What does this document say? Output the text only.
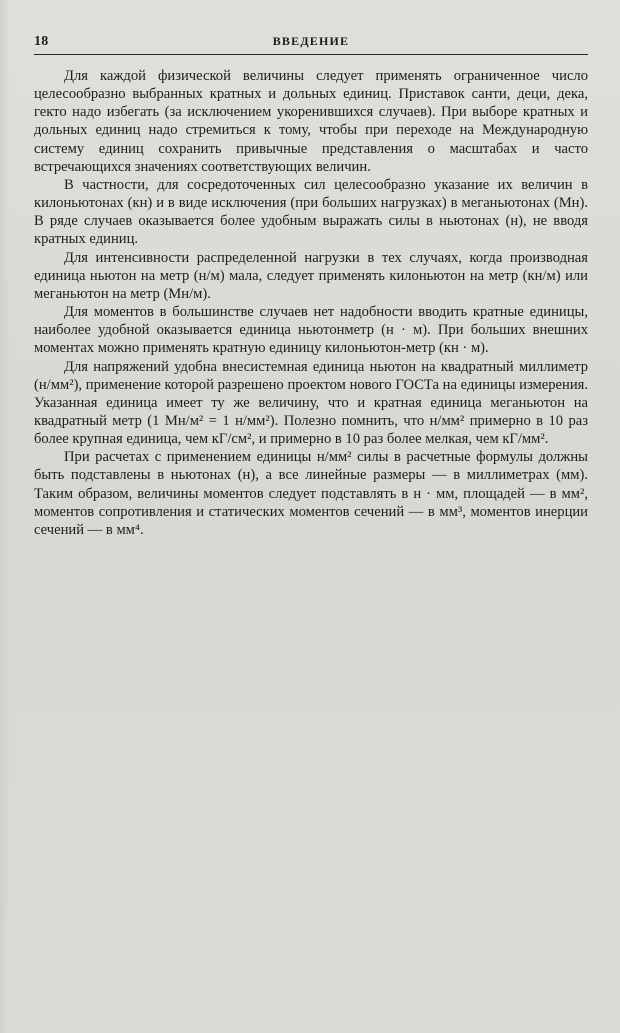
18	ВВЕДЕНИЕ

Для каждой физической величины следует применять ограниченное число целесообразно выбранных кратных и дольных единиц. Приставок санти, деци, дека, гекто надо избегать (за исключением укоренившихся случаев). При выборе кратных и дольных единиц надо стремиться к тому, чтобы при переходе на Международную систему единиц сохранить привычные представления о масштабах и часто встречающихся значениях соответствующих величин.

В частности, для сосредоточенных сил целесообразно указание их величин в килоньютонах (кн) и в виде исключения (при больших нагрузках) в меганьютонах (Мн). В ряде случаев оказывается более удобным выражать силы в ньютонах (н), не вводя кратных единиц.

Для интенсивности распределенной нагрузки в тех случаях, когда производная единица ньютон на метр (н/м) мала, следует применять килоньютон на метр (кн/м) или меганьютон на метр (Мн/м).

Для моментов в большинстве случаев нет надобности вводить кратные единицы, наиболее удобной оказывается единица ньютонметр (н · м). При больших внешних моментах можно применять кратную единицу килоньютон-метр (кн · м).

Для напряжений удобна внесистемная единица ньютон на квадратный миллиметр (н/мм²), применение которой разрешено проектом нового ГОСТа на единицы измерения. Указанная единица имеет ту же величину, что и кратная единица меганьютон на квадратный метр (1 Мн/м² = 1 н/мм²). Полезно помнить, что н/мм² примерно в 10 раз более крупная единица, чем кГ/см², и примерно в 10 раз более мелкая, чем кГ/мм².

При расчетах с применением единицы н/мм² силы в расчетные формулы должны быть подставлены в ньютонах (н), а все линейные размеры — в миллиметрах (мм). Таким образом, величины моментов следует подставлять в н · мм, площадей — в мм², моментов сопротивления и статических моментов сечений — в мм³, моментов инерции сечений — в мм⁴.
